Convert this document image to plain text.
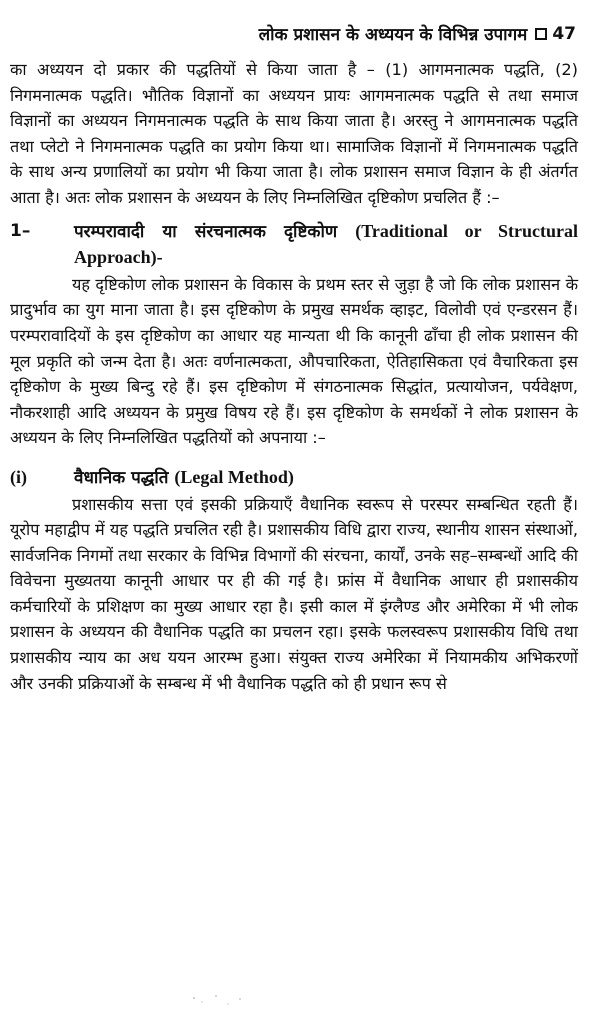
लोक प्रशासन के अध्ययन के विभिन्न उपागम 47

का अध्ययन दो प्रकार की पद्धतियों से किया जाता है – (1) आगमनात्मक पद्धति, (2) निगमनात्मक पद्धति। भौतिक विज्ञानों का अध्ययन प्रायः आगमनात्मक पद्धति से तथा समाज विज्ञानों का अध्ययन निगमनात्मक पद्धति के साथ किया जाता है। अरस्तु ने आगमनात्मक पद्धति तथा प्लेटो ने निगमनात्मक पद्धति का प्रयोग किया था। सामाजिक विज्ञानों में निगमनात्मक पद्धति के साथ अन्य प्रणालियों का प्रयोग भी किया जाता है। लोक प्रशासन समाज विज्ञान के ही अंतर्गत आता है। अतः लोक प्रशासन के अध्ययन के लिए निम्नलिखित दृष्टिकोण प्रचलित हैं :–

1–	परम्परावादी या संरचनात्मक दृष्टिकोण (Traditional or Structural Approach)-

यह दृष्टिकोण लोक प्रशासन के विकास के प्रथम स्तर से जुड़ा है जो कि लोक प्रशासन के प्रादुर्भाव का युग माना जाता है। इस दृष्टिकोण के प्रमुख समर्थक व्हाइट, विलोवी एवं एन्डरसन हैं। परम्परावादियों के इस दृष्टिकोण का आधार यह मान्यता थी कि कानूनी ढाँचा ही लोक प्रशासन की मूल प्रकृति को जन्म देता है। अतः वर्णनात्मकता, औपचारिकता, ऐतिहासिकता एवं वैचारिकता इस दृष्टिकोण के मुख्य बिन्दु रहे हैं। इस दृष्टिकोण में संगठनात्मक सिद्धांत, प्रत्यायोजन, पर्यवेक्षण, नौकरशाही आदि अध्ययन के प्रमुख विषय रहे हैं। इस दृष्टिकोण के समर्थकों ने लोक प्रशासन के अध्ययन के लिए निम्नलिखित पद्धतियों को अपनाया :–

(i)	वैधानिक पद्धति (Legal Method)

प्रशासकीय सत्ता एवं इसकी प्रक्रियाएँ वैधानिक स्वरूप से परस्पर सम्बन्धित रहती हैं। यूरोप महाद्वीप में यह पद्धति प्रचलित रही है। प्रशासकीय विधि द्वारा राज्य, स्थानीय शासन संस्थाओं, सार्वजनिक निगमों तथा सरकार के विभिन्न विभागों की संरचना, कार्यों, उनके सह–सम्बन्धों आदि की विवेचना मुख्यतया कानूनी आधार पर ही की गई है। फ्रांस में वैधानिक आधार ही प्रशासकीय कर्मचारियों के प्रशिक्षण का मुख्य आधार रहा है। इसी काल में इंग्लैण्ड और अमेरिका में भी लोक प्रशासन के अध्ययन की वैधानिक पद्धति का प्रचलन रहा। इसके फलस्वरूप प्रशासकीय विधि तथा प्रशासकीय न्याय का अध ययन आरम्भ हुआ। संयुक्त राज्य अमेरिका में नियामकीय अभिकरणों और उनकी प्रक्रियाओं के सम्बन्ध में भी वैधानिक पद्धति को ही प्रधान रूप से
